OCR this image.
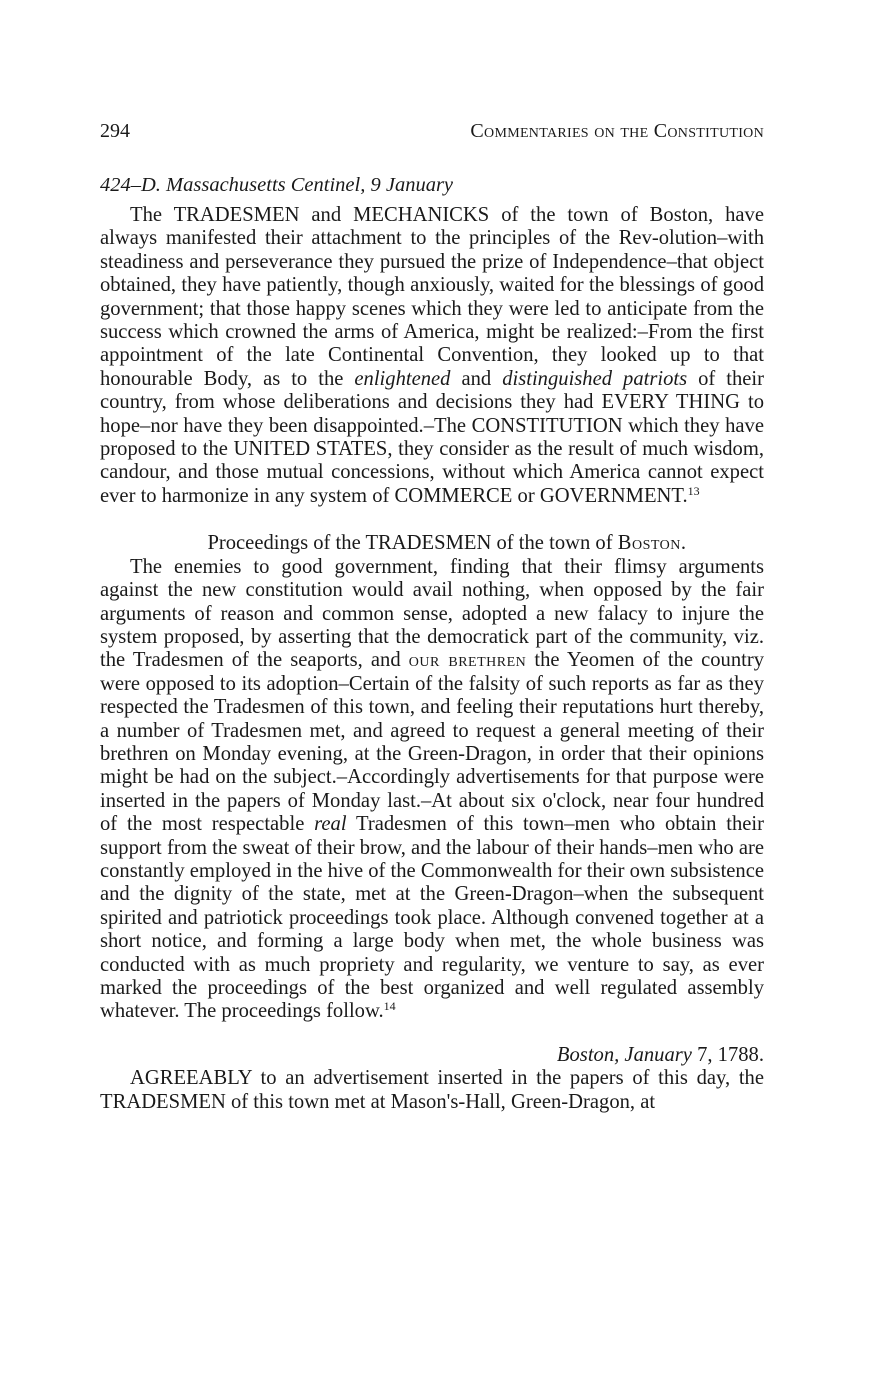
294	Commentaries on the Constitution
424–D. Massachusetts Centinel, 9 January

The TRADESMEN and MECHANICKS of the town of Boston, have always manifested their attachment to the principles of the Rev-olution–with steadiness and perseverance they pursued the prize of Independence–that object obtained, they have patiently, though anxiously, waited for the blessings of good government; that those happy scenes which they were led to anticipate from the success which crowned the arms of America, might be realized:–From the first appointment of the late Continental Convention, they looked up to that honourable Body, as to the enlightened and distinguished patriots of their country, from whose deliberations and decisions they had EVERY THING to hope–nor have they been disappointed.–The CONSTITUTION which they have proposed to the UNITED STATES, they consider as the result of much wisdom, candour, and those mutual concessions, without which America cannot expect ever to harmonize in any system of COMMERCE or GOVERNMENT.$^{13}$

Proceedings of the TRADESMEN of the town of Boston.

The enemies to good government, finding that their flimsy arguments against the new constitution would avail nothing, when opposed by the fair arguments of reason and common sense, adopted a new falacy to injure the system proposed, by asserting that the democratick part of the community, viz. the Tradesmen of the seaports, and our brethren the Yeomen of the country were opposed to its adoption–Certain of the falsity of such reports as far as they respected the Tradesmen of this town, and feeling their reputations hurt thereby, a number of Tradesmen met, and agreed to request a general meeting of their brethren on Monday evening, at the Green-Dragon, in order that their opinions might be had on the subject.–Accordingly advertisements for that purpose were inserted in the papers of Monday last.–At about six o'clock, near four hundred of the most respectable real Tradesmen of this town–men who obtain their support from the sweat of their brow, and the labour of their hands–men who are constantly employed in the hive of the Commonwealth for their own subsistence and the dignity of the state, met at the Green-Dragon–when the subsequent spirited and patriotick proceedings took place. Although convened together at a short notice, and forming a large body when met, the whole business was conducted with as much propriety and regularity, we venture to say, as ever marked the proceedings of the best organized and well regulated assembly whatever. The proceedings follow.$^{14}$

Boston, January 7, 1788.

AGREEABLY to an advertisement inserted in the papers of this day, the TRADESMEN of this town met at Mason's-Hall, Green-Dragon, at
